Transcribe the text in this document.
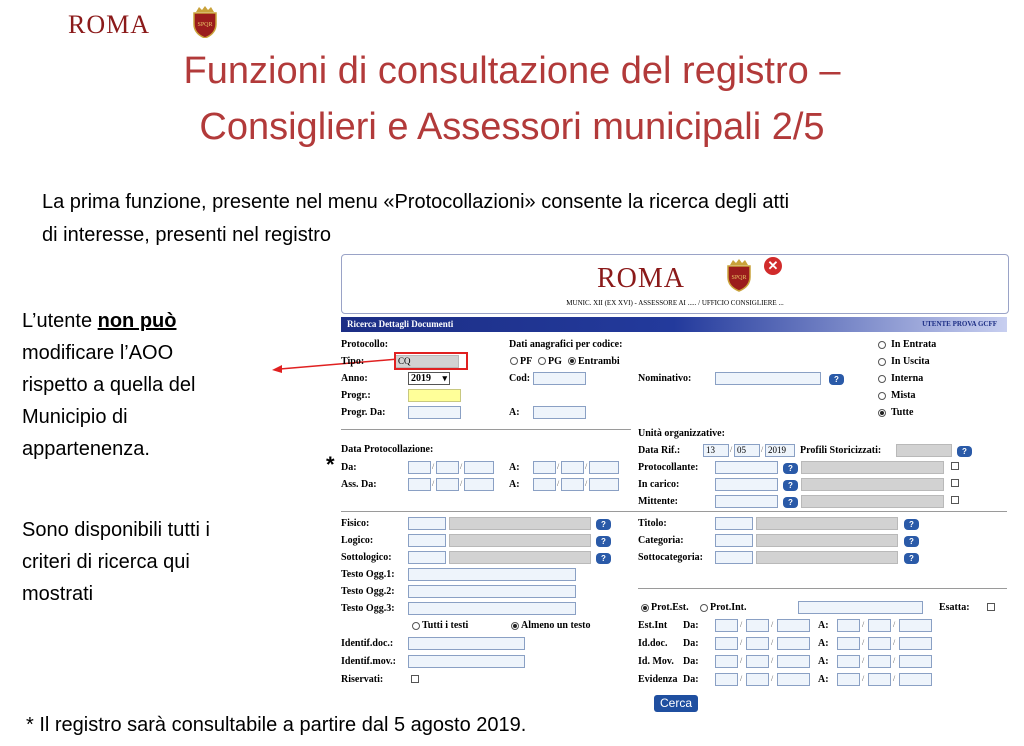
ROMA	SPQR
Funzioni di consultazione del registro –
Consiglieri e Assessori municipali 2/5
La prima funzione, presente nel menu «Protocollazioni» consente la ricerca degli atti
di interesse, presenti nel registro
L’utente non può
modificare l’AOO
rispetto a quella del
Municipio di
appartenenza.
Sono disponibili tutti i
criteri di ricerca qui
mostrati
*
* Il registro sarà consultabile a partire dal 5 agosto 2019.
ROMA	SPQR
✕
MUNIC. XII (EX XVI) - ASSESSORE AI ..... / UFFICIO CONSIGLIERE ...
Ricerca Dettagli Documenti	UTENTE PROVA GCFF
Protocollo:
Tipo:	CQ
Anno:	2019 ▾
Progr.:
Progr. Da:	A:
Dati anagrafici per codice:
PF PG Entrambi
Cod:	Nominativo:	?
In Entrata
In Uscita
Interna
Mista
Tutte
Data Protocollazione:
Da:	/	/	A:	/	/
Ass. Da:	/	/	A:	/	/
Unità organizzative:
Data Rif.:	13	/ 05	/ 2019	Profili Storicizzati:	?
Protocollante:	?
In carico:	?
Mittente:	?
Fisico:	?
Logico:	?
Sottologico:	?
Testo Ogg.1:
Testo Ogg.2:
Testo Ogg.3:
Titolo:	?
Categoria:	?
Sottocategoria:	?
Prot.Est. Prot.Int.	Esatta:
Tutti i testi	Almeno un testo
Identif.doc.:
Identif.mov.:
Riservati:
Est.Int Da:	/	/	A:	/	/
Id.doc. Da:	/	/	A:	/	/
Id. Mov. Da:	/	/	A:	/	/
Evidenza Da:	/	/	A:	/	/
Cerca
